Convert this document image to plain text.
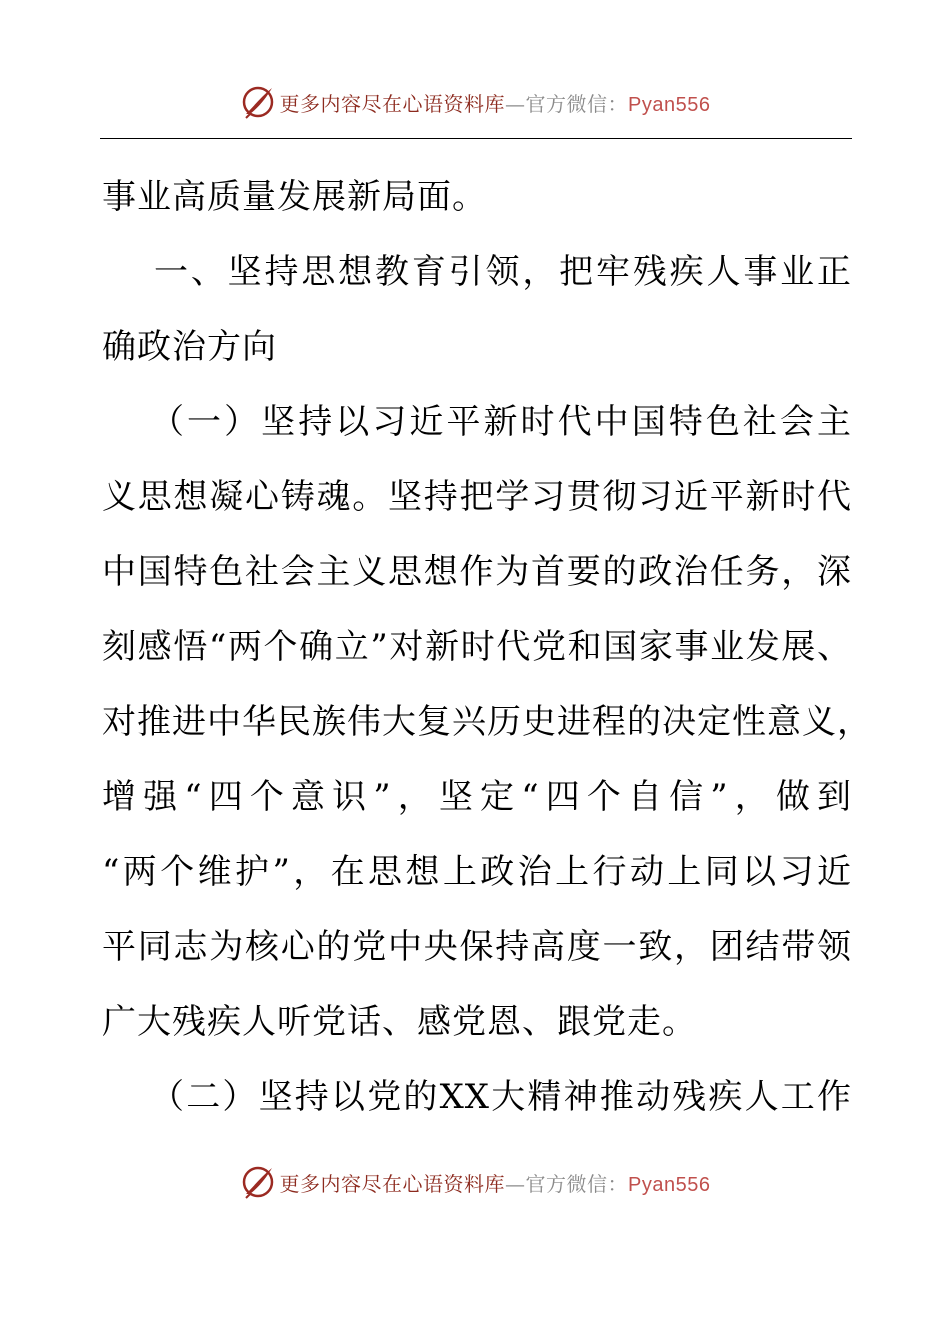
更多内容尽在心语资料库—官方微信：Pyan556
事业高质量发展新局面。
一、坚持思想教育引领，把牢残疾人事业正
确政治方向
（一）坚持以习近平新时代中国特色社会主
义思想凝心铸魂。坚持把学习贯彻习近平新时代
中国特色社会主义思想作为首要的政治任务，深
刻感悟“两个确立”对新时代党和国家事业发展、
对推进中华民族伟大复兴历史进程的决定性意义，
增强“四个意识”，坚定“四个自信”，做到
“两个维护”，在思想上政治上行动上同以习近
平同志为核心的党中央保持高度一致，团结带领
广大残疾人听党话、感党恩、跟党走。
（二）坚持以党的XX大精神推动残疾人工作
更多内容尽在心语资料库—官方微信：Pyan556
